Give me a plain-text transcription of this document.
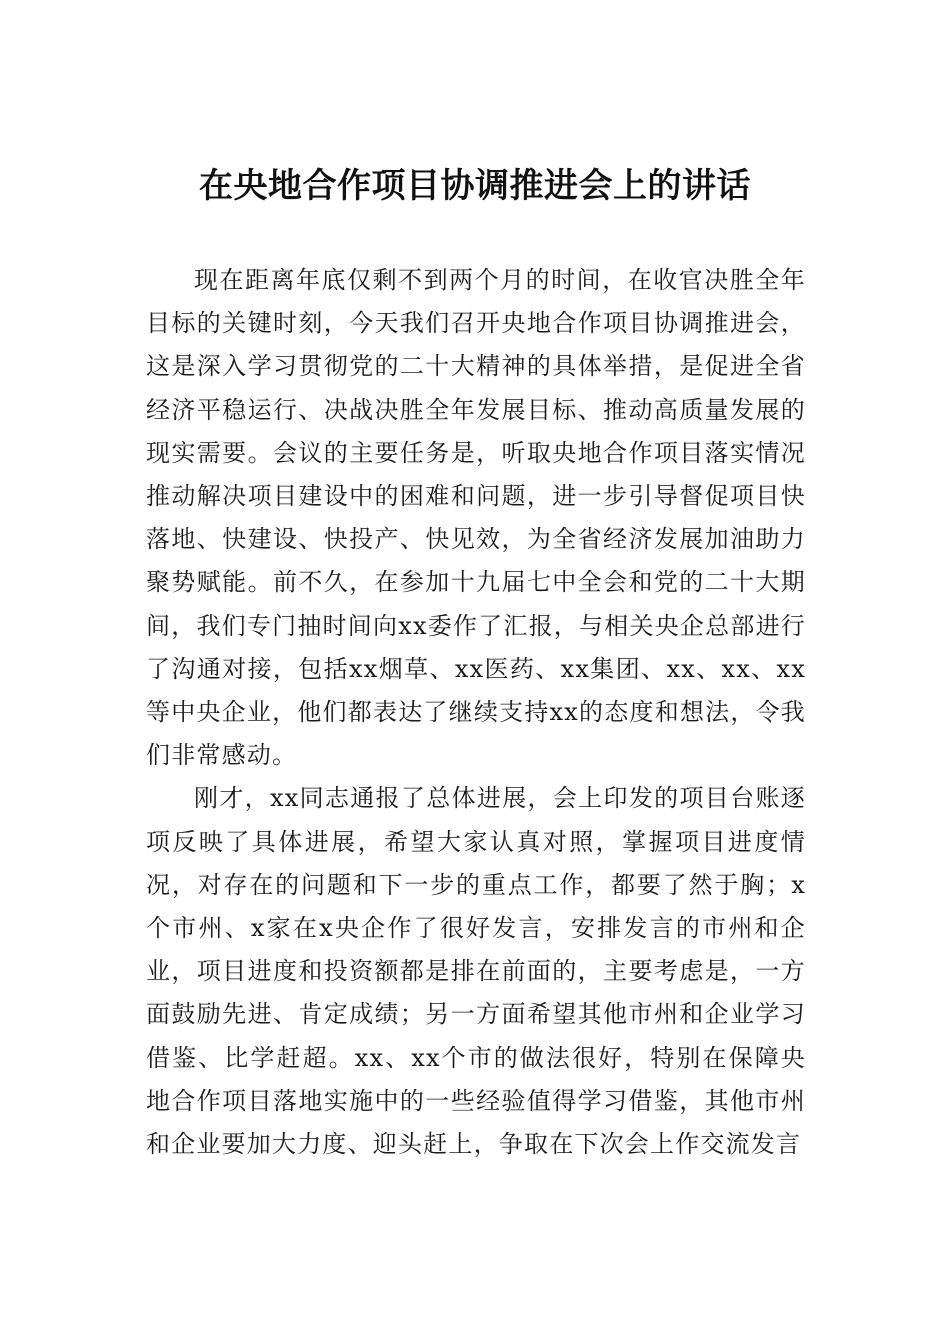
在央地合作项目协调推进会上的讲话

现在距离年底仅剩不到两个月的时间，在收官决胜全年目标的关键时刻，今天我们召开央地合作项目协调推进会，这是深入学习贯彻党的二十大精神的具体举措，是促进全省经济平稳运行、决战决胜全年发展目标、推动高质量发展的现实需要。会议的主要任务是，听取央地合作项目落实情况推动解决项目建设中的困难和问题，进一步引导督促项目快落地、快建设、快投产、快见效，为全省经济发展加油助力聚势赋能。前不久，在参加十九届七中全会和党的二十大期间，我们专门抽时间向xx委作了汇报，与相关央企总部进行了沟通对接，包括xx烟草、xx医药、xx集团、xx、xx、xx等中央企业，他们都表达了继续支持xx的态度和想法，令我们非常感动。

刚才，xx同志通报了总体进展，会上印发的项目台账逐项反映了具体进展，希望大家认真对照，掌握项目进度情况，对存在的问题和下一步的重点工作，都要了然于胸；x个市州、x家在x央企作了很好发言，安排发言的市州和企业，项目进度和投资额都是排在前面的，主要考虑是，一方面鼓励先进、肯定成绩；另一方面希望其他市州和企业学习借鉴、比学赶超。xx、xx个市的做法很好，特别在保障央地合作项目落地实施中的一些经验值得学习借鉴，其他市州和企业要加大力度、迎头赶上，争取在下次会上作交流发言
